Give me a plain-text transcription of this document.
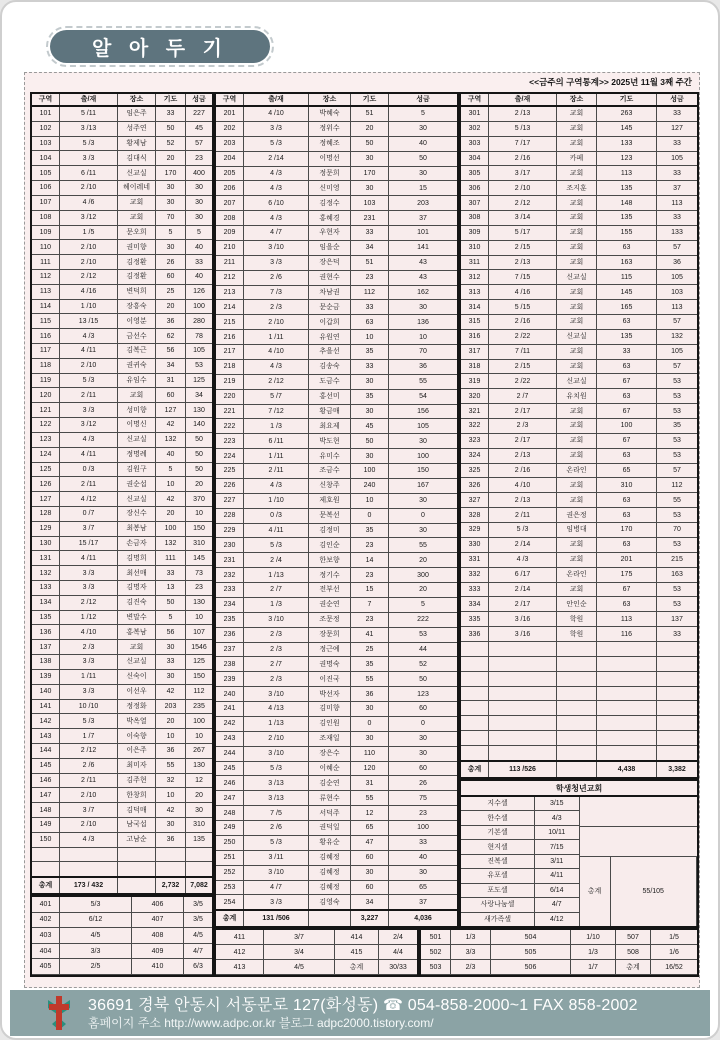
알 아 두 기
<<금주의 구역통계>> 2025년 11월 3째 주간
구역	출/재	장소	기도	성금
101	5 /11	임은주	33	227
102	3 /13	성주연	50	45
103	5 /3	황제남	52	57
104	3 /3	김대식	20	23
105	6 /11	신교실	170	400
106	2 /10	헤이레네	30	30
107	4 /6	교회	30	30
108	3 /12	교회	70	30
109	1 /5	문오희	5	5
110	2 /10	권미향	30	40
111	2 /10	김정환	26	33
112	2 /12	김정환	60	40
113	4 /16	변덕희	25	126
114	1 /10	장흥숙	20	100
115	13 /15	이영분	36	280
116	4 /3	금선수	62	78
117	4 /11	김복근	56	105
118	2 /10	권귀숙	34	53
119	5 /3	유임수	31	125
120	2 /11	교회	60	34
121	3 /3	성미향	127	130
122	3 /12	이명신	42	140
123	4 /3	신교실	132	50
124	4 /11	정명례	40	50
125	0 /3	김원구	5	50
126	2 /11	권순섭	10	20
127	4 /12	신교실	42	370
128	0 /7	장신수	20	10
129	3 /7	최봉남	100	150
130	15 /17	손금자	132	310
131	4 /11	김명희	111	145
132	3 /3	최선매	33	73
133	3 /3	김명자	13	23
134	2 /12	김진숙	50	130
135	1 /12	변말수	5	10
136	4 /10	홍복남	56	107
137	2 /3	교회	30	1546
138	3 /3	신교실	33	125
139	1 /11	신숙이	30	150
140	3 /3	이선우	42	112
141	10 /10	정정화	203	235
142	5 /3	박옥열	20	100
143	1 /7	이숙향	10	10
144	2 /12	이은주	36	267
145	2 /6	최미자	55	130
146	2 /11	김주현	32	12
147	2 /10	한창희	10	20
148	3 /7	김덕매	42	30
149	2 /10	남국섭	30	310
150	4 /3	고남순	36	135
총계	173 / 432	2,732	7,082
구역	출/재	장소	기도	성금
201	4 /10	박혜숙	51	5
202	3 /3	정위수	20	30
203	5 /3	정혜조	50	40
204	2 /14	이명선	30	50
205	4 /3	정문희	170	30
206	4 /3	신미영	30	15
207	6 /10	김정수	103	203
208	4 /3	홍혜경	231	37
209	4 /7	우현자	33	101
210	3 /10	임을순	34	141
211	3 /3	장은덕	51	43
212	2 /6	권현수	23	43
213	7 /3	차남권	112	162
214	2 /3	문순금	33	30
215	2 /10	이갑희	63	136
216	1 /11	유원연	10	10
217	4 /10	추을선	35	70
218	4 /3	김송숙	33	36
219	2 /12	도금수	30	55
220	5 /7	홍선미	35	54
221	7 /12	황금매	30	156
222	1 /3	최요제	45	105
223	6 /11	박도현	50	30
224	1 /11	유미수	30	100
225	2 /11	조금수	100	150
226	4 /3	신창주	240	167
227	1 /10	제호원	10	30
228	0 /3	문복선	0	0
229	4 /11	김정미	35	30
230	5 /3	김인순	23	55
231	2 /4	한보향	14	20
232	1 /13	정기수	23	300
233	2 /7	전부선	15	20
234	1 /3	권순연	7	5
235	3 /10	조문정	23	222
236	2 /3	장문희	41	53
237	2 /3	정근예	25	44
238	2 /7	권명숙	35	52
239	2 /3	이진국	55	50
240	3 /10	박선자	36	123
241	4 /13	김미향	30	60
242	1 /13	김인원	0	0
243	2 /10	조재일	30	30
244	3 /10	장은수	110	30
245	5 /3	이혜순	120	60
246	3 /13	김순연	31	26
247	3 /13	류현수	55	75
248	7 /5	서덕주	12	23
249	2 /6	권덕일	65	100
250	5 /3	황유순	47	33
251	3 /11	김혜정	60	40
252	3 /10	김혜정	30	30
253	4 /7	김혜정	60	65
254	3 /3	김영숙	34	37
총계	131 /506	3,227	4,036
구역	출/재	장소	기도	성금
301	2 /13	교회	263	33
302	5 /13	교회	145	127
303	7 /17	교회	133	33
304	2 /16	카페	123	105
305	3 /17	교회	113	33
306	2 /10	조지훈	135	37
307	2 /12	교회	148	113
308	3 /14	교회	135	33
309	5 /17	교회	155	133
310	2 /15	교회	63	57
311	2 /13	교회	163	36
312	7 /15	신교실	115	105
313	4 /16	교회	145	103
314	5 /15	교회	165	113
315	2 /16	교회	63	57
316	2 /22	신교실	135	132
317	7 /11	교회	33	105
318	2 /15	교회	63	57
319	2 /22	신교실	67	53
320	2 /7	유치원	63	53
321	2 /17	교회	67	53
322	2 /3	교회	100	35
323	2 /17	교회	67	53
324	2 /13	교회	63	53
325	2 /16	온라인	65	57
326	4 /10	교회	310	112
327	2 /13	교회	63	55
328	2 /11	권은정	63	53
329	5 /3	임병대	170	70
330	2 /14	교회	63	53
331	4 /3	교회	201	215
332	6 /17	온라인	175	163
333	2 /14	교회	67	53
334	2 /17	안인순	63	53
335	3 /16	학원	113	137
336	3 /16	학원	116	33
총계	113 /526	4,438	3,382
학생청년교회
지수셀	3/15
한수셀	4/3
기본셀	10/11
현지셀	7/15
진복셀	3/11
유포셀	4/11
포도셀	6/14
사랑나눔셀	4/7
새가족셀	4/12
총계	55/105
401	5/3	406	3/5
402	6/12	407	3/5
403	4/5	408	4/5
404	3/3	409	4/7
405	2/5	410	6/3
411	3/7	414	2/4
412	3/4	415	4/4
413	4/5	총계	30/33
501	1/3	504	1/10	507	1/5
502	3/3	505	1/3	508	1/6
503	2/3	506	1/7	총계	16/52
36691 경북 안동시 서동문로 127(화성동) ☎ 054-858-2000~1 FAX 858-2002
홈페이지 주소 http://www.adpc.or.kr 블로그 adpc2000.tistory.com/
